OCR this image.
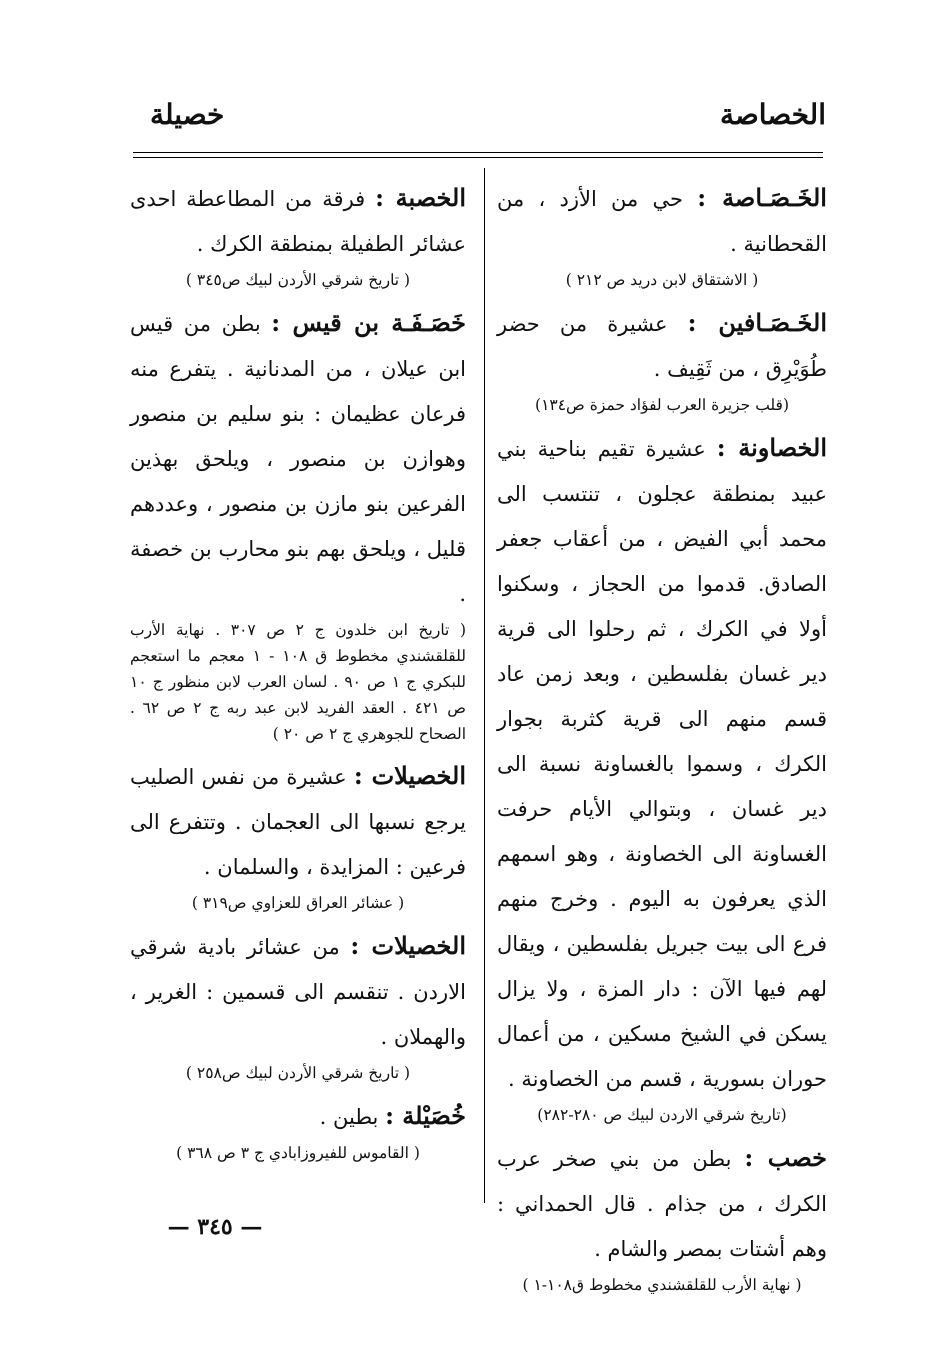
الخصاصة
خصيلة

الخَـصَـاصة : حي من الأزد ، من القحطانية .

( الاشتقاق لابن دريد ص ٢١٢ )

الخَـصَـافين : عشيرة من حضر طُوَيْرِق ، من ثَقِيف .

(قلب جزيرة العرب لفؤاد حمزة ص١٣٤)

الخصاونة : عشيرة تقيم بناحية بني عبيد بمنطقة عجلون ، تنتسب الى محمد أبي الفيض ، من أعقاب جعفر الصادق. قدموا من الحجاز ، وسكنوا أولا في الكرك ، ثم رحلوا الى قرية دير غسان بفلسطين ، وبعد زمن عاد قسم منهم الى قرية كثربة بجوار الكرك ، وسموا بالغساونة نسبة الى دير غسان ، وبتوالي الأيام حرفت الغساونة الى الخصاونة ، وهو اسمهم الذي يعرفون به اليوم . وخرج منهم فرع الى بيت جبريل بفلسطين ، ويقال لهم فيها الآن : دار المزة ، ولا يزال يسكن في الشيخ مسكين ، من أعمال حوران بسورية ، قسم من الخصاونة .

(تاريخ شرقي الاردن لبيك ص ٢٨٠-٢٨٢)

خصب : بطن من بني صخر عرب الكرك ، من جذام . قال الحمداني : وهم أشتات بمصر والشام .

( نهاية الأرب للقلقشندي مخطوط ق١٠٨-١ )

الخصبة : فرقة من المطاعطة احدى عشائر الطفيلة بمنطقة الكرك .

( تاريخ شرقي الأردن لبيك ص٣٤٥ )

خَصَـفَـة بن قيس : بطن من قيس ابن عيلان ، من المدنانية . يتفرع منه فرعان عظيمان : بنو سليم بن منصور وهوازن بن منصور ، ويلحق بهذين الفرعين بنو مازن بن منصور ، وعددهم قليل ، ويلحق بهم بنو محارب بن خصفة .

( تاريخ ابن خلدون ج ٢ ص ٣٠٧ . نهاية الأرب للقلقشندي مخطوط ق ١٠٨ - ١ معجم ما استعجم للبكري ج ١ ص ٩٠ . لسان العرب لابن منظور ج ١٠ ص ٤٢١ . العقد الفريد لابن عبد ربه ج ٢ ص ٦٢ . الصحاح للجوهري ج ٢ ص ٢٠ )

الخصيلات : عشيرة من نفس الصليب يرجع نسبها الى العجمان . وتتفرع الى فرعين : المزايدة ، والسلمان .

( عشائر العراق للعزاوي ص٣١٩ )

الخصيلات : من عشائر بادية شرقي الاردن . تنقسم الى قسمين : الغرير ، والهملان .

( تاريخ شرقي الأردن لبيك ص٢٥٨ )

خُصَيْلة : بطين .

( القاموس للفيروزابادي ج ٣ ص ٣٦٨ )

— ٣٤٥ —
